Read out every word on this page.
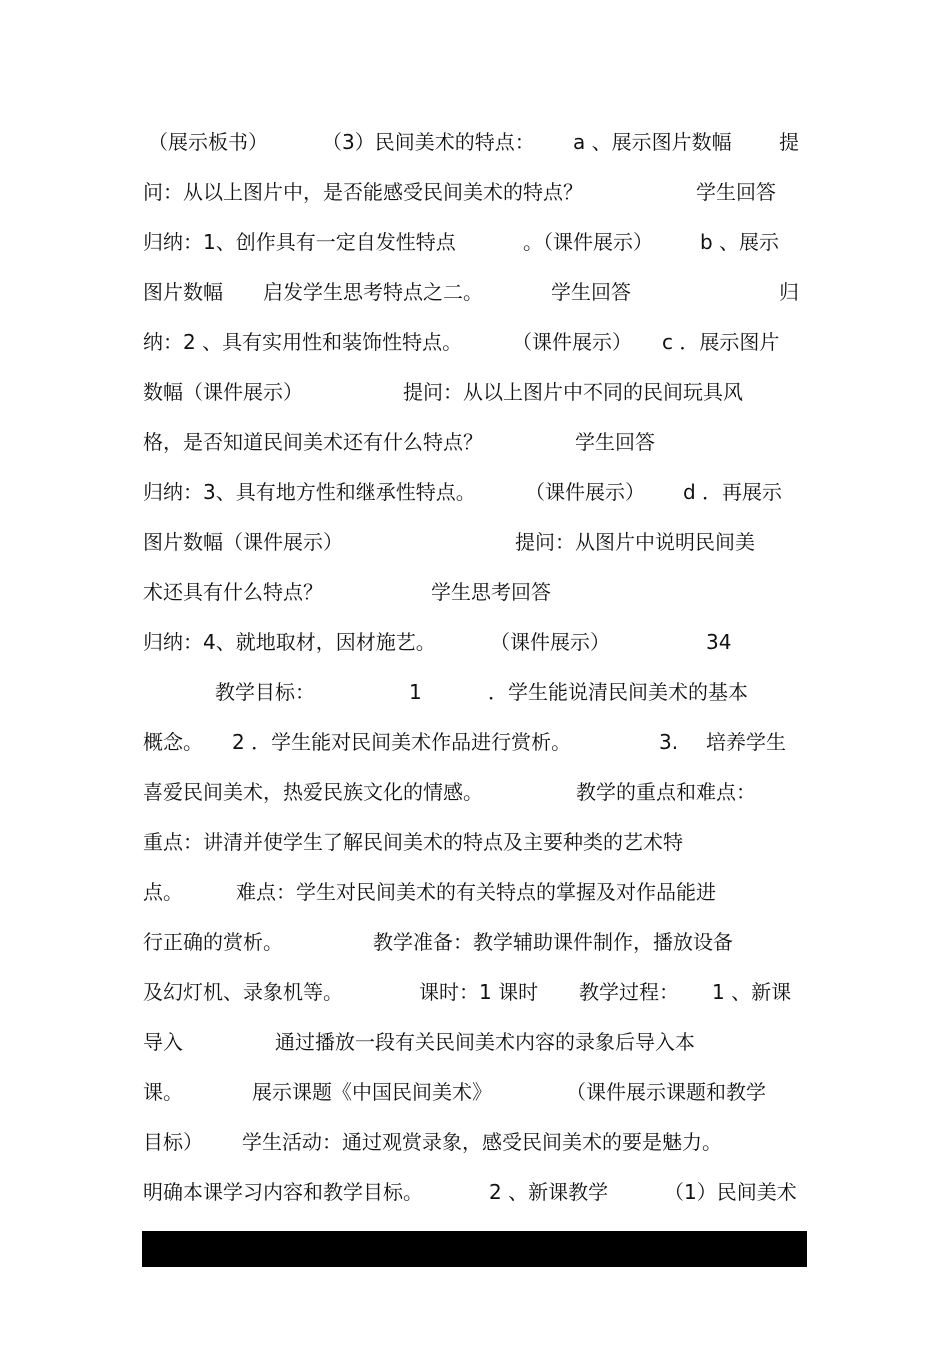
（展示板书）

	（3）民间美术的特点：

a 、展示图片数幅

提

问：从以上图片中，是否能感受民间美术的特点？

	学生回答

归纳：1、创作具有一定自发性特点

	。（课件展示）

b 、展示

图片数幅

启发学生思考特点之二。

	学生回答

	归

纳：2 、具有实用性和装饰性特点。

（课件展示）

c ．展示图片

数幅（课件展示）

	提问：从以上图片中不同的民间玩具风

格，是否知道民间美术还有什么特点？

	学生回答

归纳：3、具有地方性和继承性特点。

（课件展示）

d ．再展示

图片数幅（课件展示）

	提问：从图片中说明民间美

术还具有什么特点？

	学生思考回答

归纳：4、就地取材，因材施艺。

	（课件展示）

	34

教学目标：

	1

	．学生能说清民间美术的基本

概念。

2 ．学生能对民间美术作品进行赏析。

	3.

培养学生

喜爱民间美术，热爱民族文化的情感。

	教学的重点和难点：

重点：讲清并使学生了解民间美术的特点及主要种类的艺术特

点。

	难点：学生对民间美术的有关特点的掌握及对作品能进

行正确的赏析。

	教学准备：教学辅助课件制作，播放设备

及幻灯机、录象机等。

	课时：1 课时

教学过程：

1 、新课

导入

	通过播放一段有关民间美术内容的录象后导入本

课。

	展示课题《中国民间美术》

	（课件展示课题和教学

目标）

学生活动：通过观赏录象，感受民间美术的要是魅力。

明确本课学习内容和教学目标。

	2 、新课教学

	（1）民间美术
